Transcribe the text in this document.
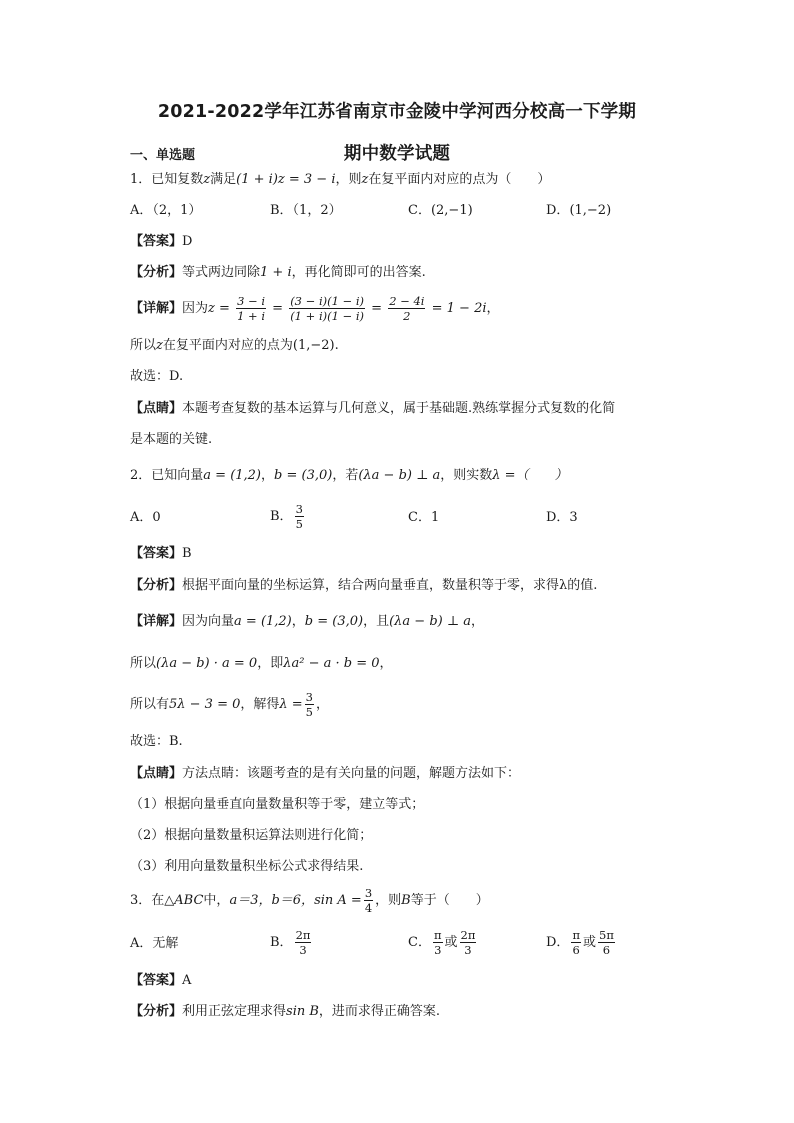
2021-2022学年江苏省南京市金陵中学河西分校高一下学期
期中数学试题
一、单选题
1．已知复数z满足(1 + i)z = 3 − i，则z在复平面内对应的点为（　　）
A．（2，1）	B．（1，2）	C．(2,−1)	D．(1,−2)
【答案】D
【分析】等式两边同除1 + i，再化简即可的出答案.
【详解】因为$z = \frac{3 - i}{1 + i} = \frac{(3 - i)(1 - i)}{(1 + i)(1 - i)} = \frac{2 - 4i}{2} = 1 - 2i$，
所以z在复平面内对应的点为(1,−2).
故选：D.
【点睛】本题考查复数的基本运算与几何意义，属于基础题.熟练掌握分式复数的化简
是本题的关键.
2．已知向量a = (1,2)，b = (3,0)，若(λa − b) ⊥ a，则实数λ =（　　）
A．0	B． $\frac{3}{5}$	C．1	D．3
【答案】B
【分析】根据平面向量的坐标运算，结合两向量垂直，数量积等于零，求得λ的值.
【详解】因为向量a = (1,2)，b = (3,0)，且(λa − b) ⊥ a，
所以(λa − b) · a = 0，即λa² − a · b = 0，
所以有5λ − 3 = 0，解得$\lambda = \frac{3}{5}$ ，
故选：B.
【点睛】方法点睛：该题考查的是有关向量的问题，解题方法如下：
（1）根据向量垂直向量数量积等于零，建立等式；
（2）根据向量数量积运算法则进行化简；
（3）利用向量数量积坐标公式求得结果.
3．在△ABC中，a＝3，b＝6，$\sin A = \frac{3}{4}$ ，则B等于（　　）
A．无解	B． $\frac{2\pi}{3}$	C． $\frac{\pi}{3}$ 或 $\frac{2\pi}{3}$	D． $\frac{\pi}{6}$ 或 $\frac{5\pi}{6}$
【答案】A
【分析】利用正弦定理求得sin B，进而求得正确答案.
